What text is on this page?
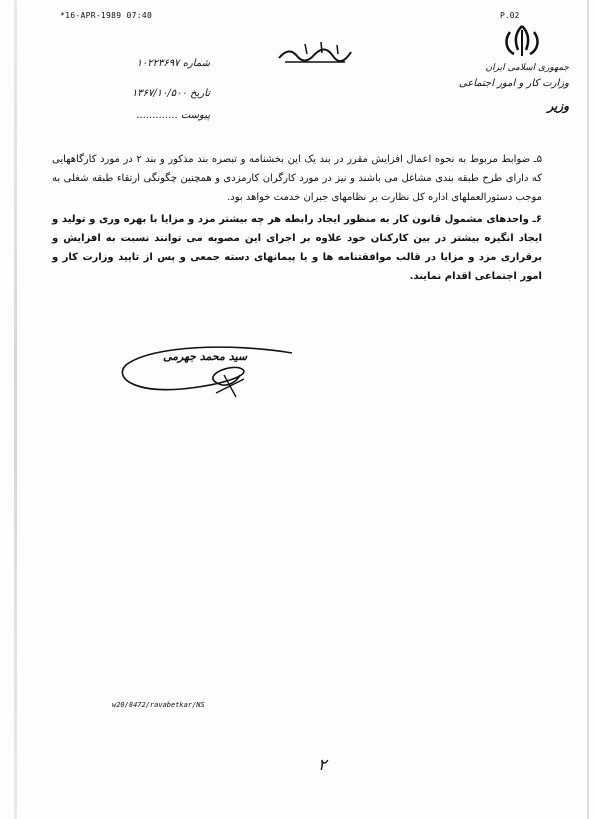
*16-APR-1989 07:40	P.02
شماره ۱۰۲۲۳۶۹۷
تاریخ ۱۳۶۷/۱۰/۵۰۰
پیوست .............
جمهوری اسلامی ایران
وزارت کار و امور اجتماعی
وزیر

۵ـ ضوابط مربوط به نحوه اعمال افزایش مقرر در بند یک این بخشنامه و تبصره بند مذکور و بند ۲ در مورد کارگاههایی که دارای طرح طبقه بندی مشاغل می باشند و نیز در مورد کارگران کارمزدی و همچنین چگونگی ارتقاء طبقه شغلی به موجب دستورالعملهای اداره کل نظارت بر نظامهای جبران خدمت خواهد بود.

۶ـ واحدهای مشمول قانون کار به منظور ایجاد رابطه هر چه بیشتر مزد و مزایا با بهره وری و تولید و ایجاد انگیزه بیشتر در بین کارکنان خود علاوه بر اجرای این مصوبه می توانند نسبت به افزایش و برقراری مزد و مزایا در قالب موافقتنامه ها و یا پیمانهای دسته جمعی و پس از تایید وزارت کار و امور اجتماعی اقدام نمایند.

سید محمد جهرمی
w20/8472/ravabetkar/NS
۲
